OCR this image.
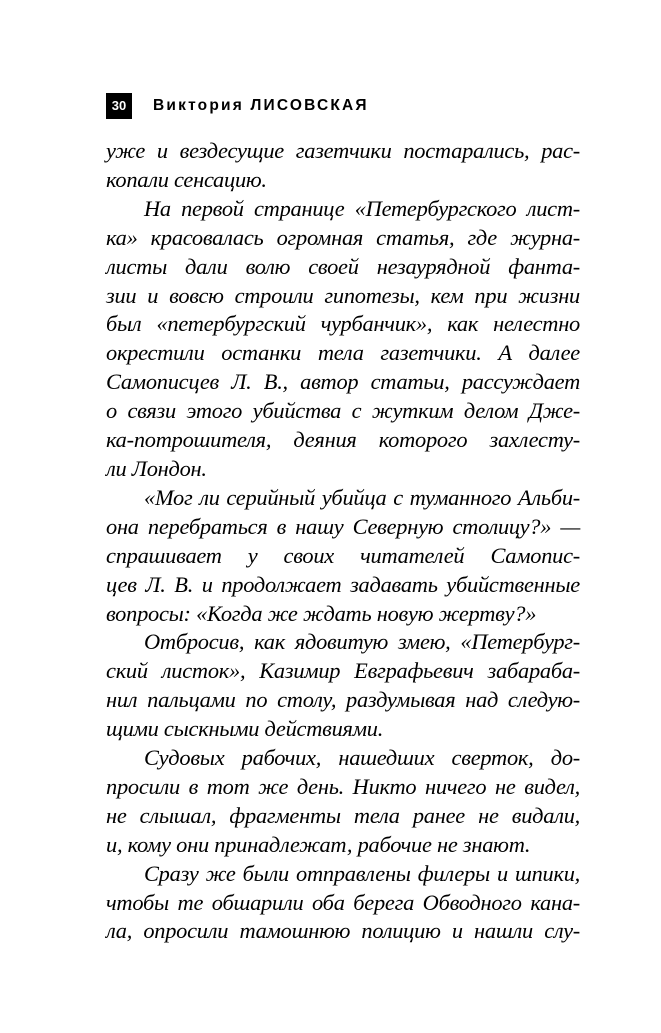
30	Виктория ЛИСОВСКАЯ
уже и вездесущие газетчики постарались, рас-
копали сенсацию.
На первой странице «Петербургского лист-
ка» красовалась огромная статья, где журна-
листы дали волю своей незаурядной фанта-
зии и вовсю строили гипотезы, кем при жизни
был «петербургский чурбанчик», как нелестно
окрестили останки тела газетчики. А далее
Самописцев Л. В., автор статьи, рассуждает
о связи этого убийства с жутким делом Дже-
ка-потрошителя, деяния которого захлесту-
ли Лондон.
«Мог ли серийный убийца с туманного Альби-
она перебраться в нашу Северную столицу?» —
спрашивает у своих читателей Самопис-
цев Л. В. и продолжает задавать убийственные
вопросы: «Когда же ждать новую жертву?»
Отбросив, как ядовитую змею, «Петербург-
ский листок», Казимир Евграфьевич забараба-
нил пальцами по столу, раздумывая над следую-
щими сыскными действиями.
Судовых рабочих, нашедших сверток, до-
просили в тот же день. Никто ничего не видел,
не слышал, фрагменты тела ранее не видали,
и, кому они принадлежат, рабочие не знают.
Сразу же были отправлены филеры и шпики,
чтобы те обшарили оба берега Обводного кана-
ла, опросили тамошнюю полицию и нашли слу-
